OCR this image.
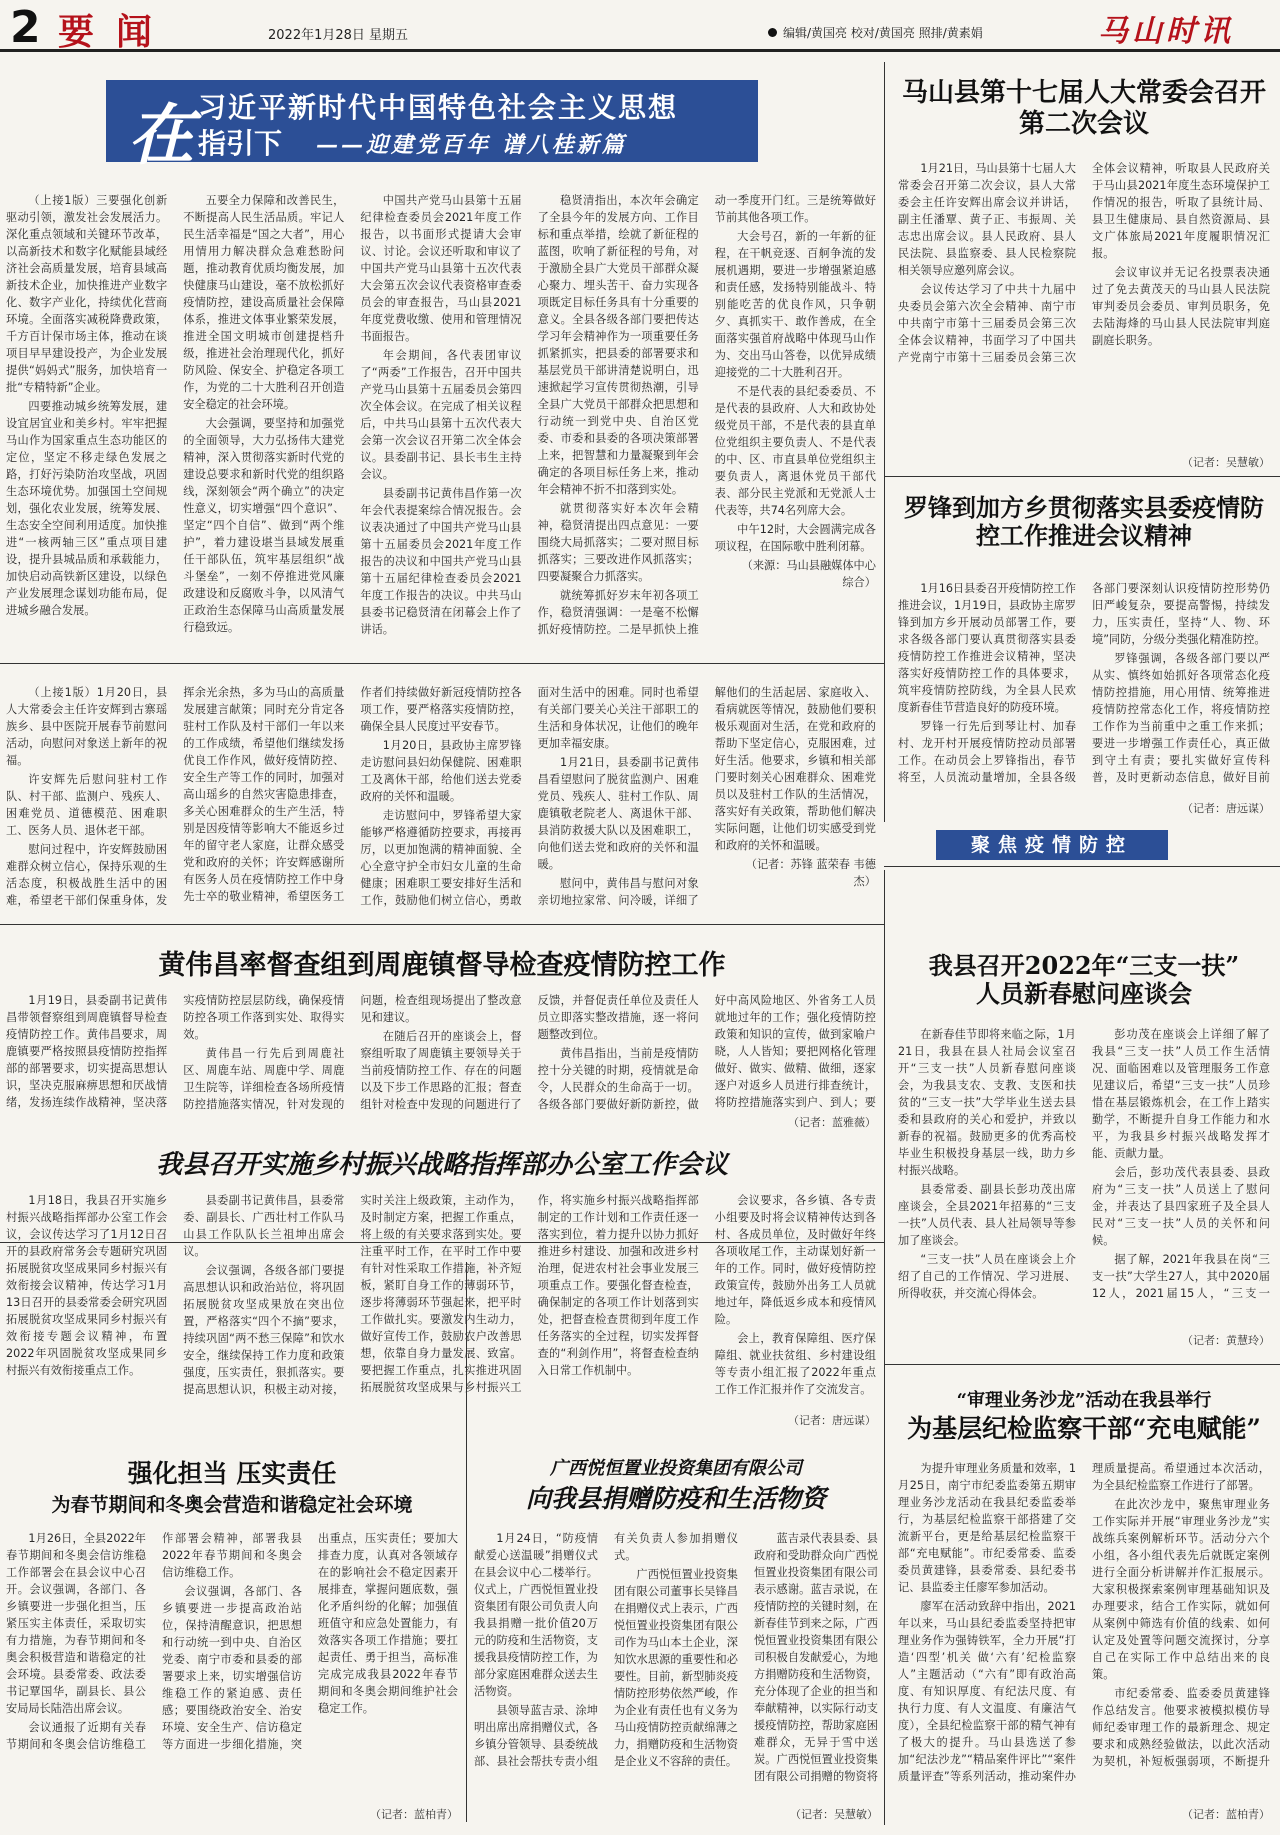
2 要闻	2022年1月28日 星期五	编辑/黄国亮 校对/黄国亮 照排/黄素娟	马山时讯
在 习近平新时代中国特色社会主义思想
指引下 ——迎建党百年 谱八桂新篇

（上接1版）三要强化创新驱动引领，激发社会发展活力。深化重点领域和关键环节改革，以高新技术和数字化赋能县域经济社会高质量发展，培育县域高新技术企业，加快推进产业数字化、数字产业化，持续优化营商环境。全面落实减税降费政策，千方百计保市场主体，推动在谈项目早早建设投产，为企业发展提供“妈妈式”服务，加快培育一批“专精特新”企业。

四要推动城乡统筹发展，建设宜居宜业和美乡村。牢牢把握马山作为国家重点生态功能区的定位，坚定不移走绿色发展之路，打好污染防治攻坚战，巩固生态环境优势。加强国土空间规划，强化农业发展，统筹发展、生态安全空间利用适度。加快推进“一核两轴三区”重点项目建设，提升县城品质和承载能力，加快启动高铁新区建设，以绿色产业发展理念谋划功能布局，促进城乡融合发展。

五要全力保障和改善民生，不断提高人民生活品质。牢记人民生活幸福是“国之大者”，用心用情用力解决群众急难愁盼问题，推动教育优质均衡发展，加快健康马山建设，毫不放松抓好疫情防控，建设高质量社会保障体系，推进文体事业繁荣发展，推进全国文明城市创建提档升级，推进社会治理现代化，抓好防风险、保安全、护稳定各项工作，为党的二十大胜利召开创造安全稳定的社会环境。

大会强调，要坚持和加强党的全面领导，大力弘扬伟大建党精神，深入贯彻落实新时代党的建设总要求和新时代党的组织路线，深刻领会“两个确立”的决定性意义，切实增强“四个意识”、坚定“四个自信”、做到“两个维护”，着力建设堪当县域发展重任干部队伍，筑牢基层组织“战斗堡垒”，一刻不停推进党风廉政建设和反腐败斗争，以风清气正政治生态保障马山高质量发展行稳致远。

中国共产党马山县第十五届纪律检查委员会2021年度工作报告，以书面形式提请大会审议、讨论。会议还听取和审议了中国共产党马山县第十五次代表大会第五次会议代表资格审查委员会的审查报告，马山县2021年度党费收缴、使用和管理情况书面报告。

年会期间，各代表团审议了“两委”工作报告，召开中国共产党马山县第十五届委员会第四次全体会议。在完成了相关议程后，中共马山县第十五次代表大会第一次会议召开第二次全体会议。县委副书记、县长韦生主持会议。

县委副书记黄伟昌作第一次年会代表提案综合情况报告。会议表决通过了中国共产党马山县第十五届委员会2021年度工作报告的决议和中国共产党马山县第十五届纪律检查委员会2021年度工作报告的决议。中共马山县委书记稳贤清在闭幕会上作了讲话。

稳贤清指出，本次年会确定了全县今年的发展方向、工作目标和重点举措，绘就了新征程的蓝图，吹响了新征程的号角，对于激励全县广大党员干部群众凝心聚力、埋头苦干、奋力实现各项既定目标任务具有十分重要的意义。全县各级各部门要把传达学习年会精神作为一项重要任务抓紧抓实，把县委的部署要求和基层党员干部讲清楚说明白，迅速掀起学习宣传贯彻热潮，引导全县广大党员干部群众把思想和行动统一到党中央、自治区党委、市委和县委的各项决策部署上来，把智慧和力量凝聚到年会确定的各项目标任务上来，推动年会精神不折不扣落到实处。

就贯彻落实好本次年会精神，稳贤清提出四点意见：一要围绕大局抓落实；二要对照目标抓落实；三要改进作风抓落实；四要凝聚合力抓落实。

就统筹抓好岁末年初各项工作，稳贤清强调：一是毫不松懈抓好疫情防控。二是早抓快上推动一季度开门红。三是统筹做好节前其他各项工作。

大会号召，新的一年新的征程，在干帆竞逐、百舸争流的发展机遇期，要进一步增强紧迫感和责任感，发扬特别能战斗、特别能吃苦的优良作风，只争朝夕、真抓实干、敢作善成，在全面落实强首府战略中体现马山作为、交出马山答卷，以优异成绩迎接党的二十大胜利召开。

不是代表的县纪委委员、不是代表的县政府、人大和政协处级党员干部，不是代表的县直单位党组织主要负责人、不是代表的中、区、市直县单位党组织主要负责人，离退休党员干部代表、部分民主党派和无党派人士代表等，共74名列席大会。

中午12时，大会圆满完成各项议程，在国际歌中胜利闭幕。

（来源：马山县融媒体中心综合）

（上接1版）1月20日，县人大常委会主任许安辉到古寨瑶族乡、县中医院开展春节前慰问活动，向慰问对象送上新年的祝福。

许安辉先后慰问驻村工作队、村干部、监测户、残疾人、困难党员、道德模范、困难职工、医务人员、退休老干部。

慰问过程中，许安辉鼓励困难群众树立信心，保持乐观的生活态度，积极战胜生活中的困难，希望老干部们保重身体，发挥余光余热，多为马山的高质量发展建言献策；同时充分肯定各驻村工作队及村干部们一年以来的工作成绩，希望他们继续发扬优良工作作风，做好疫情防控、安全生产等工作的同时，加强对高山瑶乡的自然灾害隐患排查，多关心困难群众的生产生活，特别是因疫情等影响大不能返乡过年的留守老人家庭，让群众感受党和政府的关怀；许安辉感谢所有医务人员在疫情防控工作中身先士卒的敬业精神，希望医务工作者们持续做好新冠疫情防控各项工作，要严格落实疫情防控，确保全县人民度过平安春节。

1月20日，县政协主席罗锋走访慰问县妇幼保健院、困难职工及离休干部，给他们送去党委政府的关怀和温暖。

走访慰问中，罗锋希望大家能够严格遵循防控要求，再接再厉，以更加饱满的精神面貌、全心全意守护全市妇女儿童的生命健康；困难职工要安排好生活和工作，鼓励他们树立信心，勇敢面对生活中的困难。同时也希望有关部门要关心关注干部职工的生活和身体状况，让他们的晚年更加幸福安康。

1月21日，县委副书记黄伟昌看望慰问了脱贫监测户、困难党员、残疾人、驻村工作队、周鹿镇敬老院老人、离退休干部、县消防救援大队以及困难职工，向他们送去党和政府的关怀和温暖。

慰问中，黄伟昌与慰问对象亲切地拉家常、问冷暖，详细了解他们的生活起居、家庭收入、看病就医等情况，鼓励他们要积极乐观面对生活，在党和政府的帮助下坚定信心，克服困难，过好生活。他要求，乡镇和相关部门要时刻关心困难群众、困难党员以及驻村工作队的生活情况，落实好有关政策，帮助他们解决实际问题，让他们切实感受到党和政府的关怀和温暖。

（记者：苏锋 蓝荣春 韦德杰）

马山县第十七届人大常委会召开第二次会议

1月21日，马山县第十七届人大常委会召开第二次会议，县人大常委会主任许安辉出席会议并讲话，副主任潘覃、黄子正、韦振周、关志忠出席会议。县人民政府、县人民法院、县监察委、县人民检察院相关领导应邀列席会议。

会议传达学习了中共十九届中央委员会第六次全会精神、南宁市中共南宁市第十三届委员会第三次全体会议精神，书面学习了中国共产党南宁市第十三届委员会第三次全体会议精神，听取县人民政府关于马山县2021年度生态环境保护工作情况的报告，听取了县统计局、县卫生健康局、县自然资源局、县文广体旅局2021年度履职情况汇报。

会议审议并无记名投票表决通过了免去黄茂天的马山县人民法院审判委员会委员、审判员职务，免去陆海烽的马山县人民法院审判庭副庭长职务。

（记者：吴慧敏）
罗锋到加方乡贯彻落实县委疫情防控工作推进会议精神

1月16日县委召开疫情防控工作推进会议，1月19日，县政协主席罗锋到加方乡开展动员部署工作，要求各级各部门要认真贯彻落实县委疫情防控工作推进会议精神，坚决落实好疫情防控工作的具体要求，筑牢疫情防控防线，为全县人民欢度新春佳节营造良好的防疫环境。

罗锋一行先后到琴让村、加春村、龙开村开展疫情防控动员部署工作。在动员会上罗锋指出，春节将至，人员流动量增加，全县各级各部门要深刻认识疫情防控形势仍旧严峻复杂，要提高警惕，持续发力，压实责任，坚持“人、物、环境”同防，分级分类强化精准防控。

罗锋强调，各级各部门要以严从实、慎终如始抓好各项常态化疫情防控措施，用心用情、统筹推进疫情防控常态化工作，将疫情防控工作作为当前重中之重工作来抓；要进一步增强工作责任心，真正做到守土有责；要扎实做好宣传科普，及时更新动态信息，做好目前

（记者：唐远谋）
聚焦疫情防控
黄伟昌率督查组到周鹿镇督导检查疫情防控工作

1月19日，县委副书记黄伟昌带领督察组到周鹿镇督导检查疫情防控工作。黄伟昌要求，周鹿镇要严格按照县疫情防控指挥部的部署要求，切实提高思想认识，坚决克服麻痹思想和厌战情绪，发扬连续作战精神，坚决落实疫情防控层层防线，确保疫情防控各项工作落到实处、取得实效。

黄伟昌一行先后到周鹿社区、周鹿车站、周鹿中学、周鹿卫生院等，详细检查各场所疫情防控措施落实情况，针对发现的问题，检查组现场提出了整改意见和建议。

在随后召开的座谈会上，督察组听取了周鹿镇主要领导关于当前疫情防控工作、存在的问题以及下步工作思路的汇报；督查组针对检查中发现的问题进行了反馈，并督促责任单位及责任人员立即落实整改措施，逐一将问题整改到位。

黄伟昌指出，当前是疫情防控十分关键的时期，疫情就是命令，人民群众的生命高于一切。各级各部门要做好新防新控，做好中高风险地区、外省务工人员就地过年的工作；强化疫情防控政策和知识的宣传，做到家喻户晓，人人皆知；要把网格化管理做好、做实、做精、做细，逐家逐户对返乡人员进行排查统计，将防控措施落实到户、到人；要

（记者：蓝雅薇）
我县召开2022年“三支一扶”
人员新春慰问座谈会

在新春佳节即将来临之际，1月21日，我县在县人社局会议室召开“三支一扶”人员新春慰问座谈会，为我县支农、支教、支医和扶贫的“三支一扶”大学毕业生送去县委和县政府的关心和爱护，并致以新春的祝福。鼓励更多的优秀高校毕业生积极投身基层一线，助力乡村振兴战略。

县委常委、副县长彭功茂出席座谈会，全县2021年招募的“三支一扶”人员代表、县人社局领导等参加了座谈会。

“三支一扶”人员在座谈会上介绍了自己的工作情况、学习进展、所得收获，并交流心得体会。

彭功茂在座谈会上详细了解了我县“三支一扶”人员工作生活情况、面临困难以及管理服务工作意见建议后，希望“三支一扶”人员珍惜在基层锻炼机会，在工作上踏实勤学，不断提升自身工作能力和水平，为我县乡村振兴战略发挥才能、贡献力量。

会后，彭功茂代表县委、县政府为“三支一扶”人员送上了慰问金，并表达了县四家班子及全县人民对“三支一扶”人员的关怀和问候。

据了解，2021年我县在岗“三支一扶”大学生27人，其中2020届12人，2021届15人，“三支一

（记者：黄慧玲）
我县召开实施乡村振兴战略指挥部办公室工作会议

1月18日，我县召开实施乡村振兴战略指挥部办公室工作会议，会议传达学习了1月12日召开的县政府常务会专题研究巩固拓展脱贫攻坚成果同乡村振兴有效衔接会议精神，传达学习1月13日召开的县委常委会研究巩固拓展脱贫攻坚成果同乡村振兴有效衔接专题会议精神，布置2022年巩固脱贫攻坚成果同乡村振兴有效衔接重点工作。

县委副书记黄伟昌，县委常委、副县长、广西壮村工作队马山县工作队队长兰祖坤出席会议。

会议强调，各级各部门要提高思想认识和政治站位，将巩固拓展脱贫攻坚成果放在突出位置，严格落实“四个不摘”要求，持续巩固“两不愁三保障”和饮水安全，继续保持工作力度和政策强度，压实责任，狠抓落实。要提高思想认识，积极主动对接，实时关注上级政策，主动作为，及时制定方案，把握工作重点，将上级的有关要求落到实处。要注重平时工作，在平时工作中要有针对性采取工作措施，补齐短板，紧盯自身工作的薄弱环节，逐步将薄弱环节强起来，把平时工作做扎实。要激发内生动力，做好宣传工作，鼓励农户改善思想，依靠自身力量发展、致富。要把握工作重点，扎实推进巩固拓展脱贫攻坚成果与乡村振兴工作，将实施乡村振兴战略指挥部制定的工作计划和工作责任逐一落实到位，着力提升以协力抓好推进乡村建设、加强和改进乡村治理，促进农村社会事业发展三项重点工作。要强化督查检查，确保制定的各项工作计划落到实处，把督查检查贯彻到年度工作任务落实的全过程，切实发挥督查的“利剑作用”，将督查检查纳入日常工作机制中。

会议要求，各乡镇、各专责小组要及时将会议精神传达到各村、各成员单位，及时做好年终各项收尾工作，主动谋划好新一年的工作。同时，做好疫情防控政策宣传，鼓励外出务工人员就地过年，降低返乡成本和疫情风险。

会上，教育保障组、医疗保障组、就业扶贫组、乡村建设组等专责小组汇报了2022年重点工作工作汇报并作了交流发言。

（记者：唐远谋）
强化担当 压实责任
为春节期间和冬奥会营造和谐稳定社会环境

1月26日，全县2022年春节期间和冬奥会信访维稳工作部署会在县会议中心召开。会议强调，各部门、各乡镇要进一步强化担当，压紧压实主体责任，采取切实有力措施，为春节期间和冬奥会积极营造和谐稳定的社会环境。县委常委、政法委书记覃国华，副县长、县公安局局长陆浩出席会议。

会议通报了近期有关春节期间和冬奥会信访维稳工作部署会精神，部署我县2022年春节期间和冬奥会信访维稳工作。

会议强调，各部门、各乡镇要进一步提高政治站位，保持清醒意识，把思想和行动统一到中央、自治区党委、南宁市委和县委的部署要求上来，切实增强信访维稳工作的紧迫感、责任感；要围绕政治安全、治安环境、安全生产、信访稳定等方面进一步细化措施，突出重点，压实责任；要加大排查力度，认真对各领域存在的影响社会不稳定因素开展排查，掌握问题底数，强化矛盾纠纷的化解；加强值班值守和应急处置能力，有效落实各项工作措施；要扛起责任、勇于担当，高标准完成完成我县2022年春节期间和冬奥会期间维护社会稳定工作。

（记者：蓝柏青）
广西悦恒置业投资集团有限公司
向我县捐赠防疫和生活物资

1月24日，“防疫情 献爱心送温暖”捐赠仪式在县会议中心二楼举行。仪式上，广西悦恒置业投资集团有限公司负责人向我县捐赠一批价值20万元的防疫和生活物资，支援我县疫情防控工作，为部分家庭困难群众送去生活物资。

县领导蓝吉录、涂坤明出席出席捐赠仪式，各乡镇分管领导、县委统战部、县社会帮扶专责小组有关负责人参加捐赠仪式。

广西悦恒置业投资集团有限公司董事长吴锋昌在捐赠仪式上表示，广西悦恒置业投资集团有限公司作为马山本土企业，深知饮水思源的重要性和必要性。目前，新型肺炎疫情防控形势依然严峻，作为企业有责任也有义务为马山疫情防控贡献绵薄之力，捐赠防疫和生活物资是企业义不容辞的责任。

蓝吉录代表县委、县政府和受助群众向广西悦恒置业投资集团有限公司表示感谢。蓝吉录说，在疫情防控的关键时刻，在新春佳节到来之际，广西悦恒置业投资集团有限公司积极自发献爱心，为地方捐赠防疫和生活物资，充分体现了企业的担当和奉献精神，以实际行动支援疫情防控，帮助家庭困难群众，无异于雪中送炭。广西悦恒置业投资集团有限公司捐赠的物资将

（记者：吴慧敏）
“审理业务沙龙”活动在我县举行
为基层纪检监察干部“充电赋能”

为提升审理业务质量和效率，1月25日，南宁市纪委监委第五期审理业务沙龙活动在我县纪委监委举行，为基层纪检监察干部搭建了交流新平台，更是给基层纪检监察干部“充电赋能”。市纪委常委、监委委员黄建锋，县委常委、县纪委书记、县监委主任廖军参加活动。

廖军在活动致辞中指出，2021年以来，马山县纪委监委坚持把审理业务作为强铸铁军，全力开展“打造‘四型’机关 做‘六有’纪检监察人”主题活动（“六有”即有政治高度、有知识厚度、有纪法尺度、有执行力度、有人文温度、有廉洁气度），全县纪检监察干部的精气神有了极大的提升。马山县选送了参加“纪法沙龙”“精品案件评比”“案件质量评查”等系列活动，推动案件办理质量提高。希望通过本次活动，为全县纪检监察工作进行了部署。

在此次沙龙中，聚焦审理业务工作实际并开展“审理业务沙龙”实战练兵案例解析环节。活动分六个小组，各小组代表先后就既定案例进行全面分析讲解并作汇报展示。大家积极探索案例审理基础知识及办理要求，结合工作实际，就如何从案例中筛选有价值的线索、如何认定及处置等问题交流探讨，分享自己在实际工作中总结出来的良策。

市纪委常委、监委委员黄建锋作总结发言。他要求被模拟模仿导师纪委审理工作的最新理念、规定要求和成熟经验做法，以此次活动为契机，补短板强弱项，不断提升

（记者：蓝柏青）
